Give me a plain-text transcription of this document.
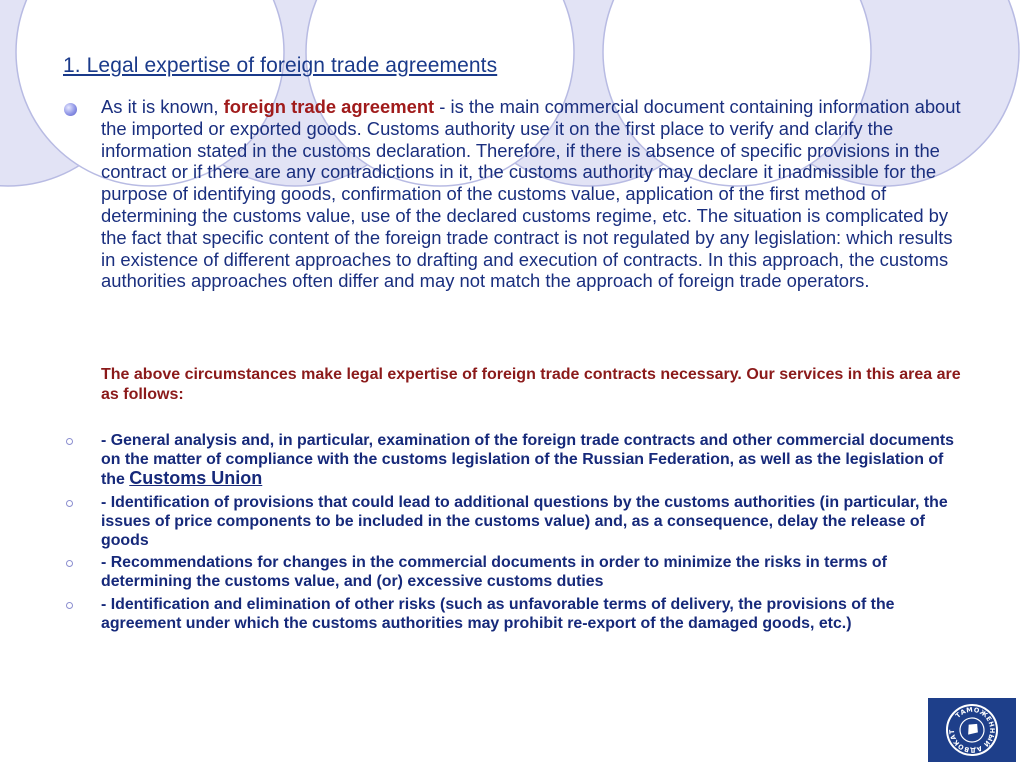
1. Legal expertise of foreign trade agreements

As it is known, foreign trade agreement - is the main commercial document containing information about the imported or exported goods. Customs authority use it on the first place to verify and clarify the information stated in the customs declaration. Therefore, if there is absence of specific provisions in the contract or if there are any contradictions in it, the customs authority may declare it inadmissible for the purpose of identifying goods, confirmation of the customs value, application of the first method of determining the customs value, use of the declared customs regime, etc. The situation is complicated by the fact that specific content of the foreign trade contract is not regulated by any legislation: which results in existence of different approaches to drafting and execution of contracts. In this approach, the customs authorities approaches often differ and may not match the approach of foreign trade operators.

The above circumstances make legal expertise of foreign trade contracts necessary. Our services in this area are as follows:

- General analysis and, in particular, examination of the foreign trade contracts and other commercial documents on the matter of compliance with the customs legislation of the Russian Federation, as well as the legislation of the Customs Union
- Identification of provisions that could lead to additional questions by the customs authorities (in particular, the issues of price components to be included in the customs value) and, as a consequence, delay the release of goods
- Recommendations for changes in the commercial documents in order to minimize the risks in terms of determining the customs value, and (or) excessive customs duties
- Identification and elimination of other risks (such as unfavorable terms of delivery, the provisions of the agreement under which the customs authorities may prohibit re-export of the damaged goods, etc.)
ТАМОЖЕННЫЙ АДВОКАТ
